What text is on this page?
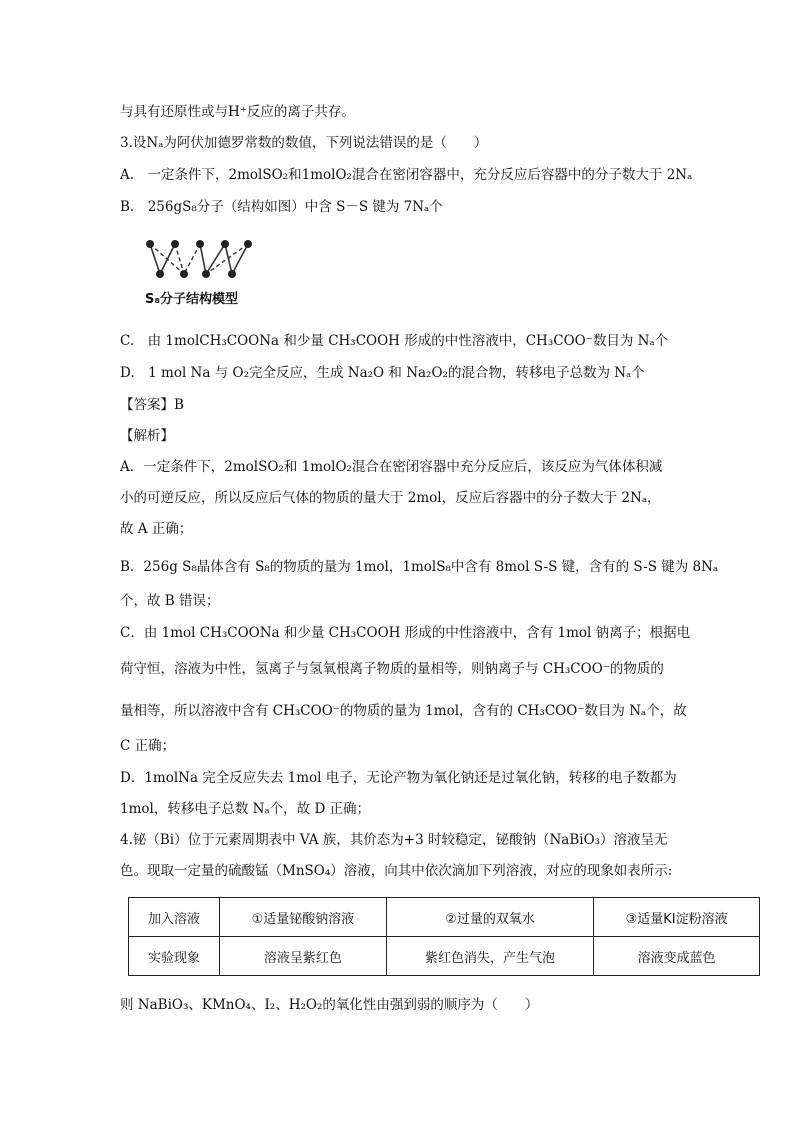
与具有还原性或与H⁺反应的离子共存。
3.设Nₐ为阿伏加德罗常数的数值，下列说法错误的是（　　）
A.　一定条件下，2molSO₂和1molO₂混合在密闭容器中，充分反应后容器中的分子数大于 2Nₐ
B.　256gS₈分子（结构如图）中含 S－S 键为 7Nₐ个
S₈分子结构模型
C.　由 1molCH₃COONa 和少量 CH₃COOH 形成的中性溶液中，CH₃COO⁻数目为 Nₐ个
D.　1 mol Na 与 O₂完全反应，生成 Na₂O 和 Na₂O₂的混合物，转移电子总数为 Nₐ个
【答案】B
【解析】
A．一定条件下，2molSO₂和 1molO₂混合在密闭容器中充分反应后，该反应为气体体积减
小的可逆反应，所以反应后气体的物质的量大于 2mol，反应后容器中的分子数大于 2Nₐ，
故 A 正确；
B．256g S₈晶体含有 S₈的物质的量为 1mol，1molS₈中含有 8mol S-S 键，含有的 S-S 键为 8Nₐ
个，故 B 错误；
C．由 1mol CH₃COONa 和少量 CH₃COOH 形成的中性溶液中，含有 1mol 钠离子；根据电
荷守恒，溶液为中性，氢离子与氢氧根离子物质的量相等，则钠离子与 CH₃COO⁻的物质的
量相等，所以溶液中含有 CH₃COO⁻的物质的量为 1mol，含有的 CH₃COO⁻数目为 Nₐ个，故
C 正确；
D．1molNa 完全反应失去 1mol 电子，无论产物为氧化钠还是过氧化钠，转移的电子数都为
1mol，转移电子总数 Nₐ个，故 D 正确；
4.铋（Bi）位于元素周期表中 VA 族，其价态为+3 时较稳定，铋酸钠（NaBiO₃）溶液呈无
色。现取一定量的硫酸锰（MnSO₄）溶液，向其中依次滴加下列溶液，对应的现象如表所示:
加入溶液	①适量铋酸钠溶液	②过量的双氧水	③适量KI淀粉溶液
实验现象	溶液呈紫红色	紫红色消失，产生气泡	溶液变成蓝色
则 NaBiO₃、KMnO₄、I₂、H₂O₂的氧化性由强到弱的顺序为（　　）
